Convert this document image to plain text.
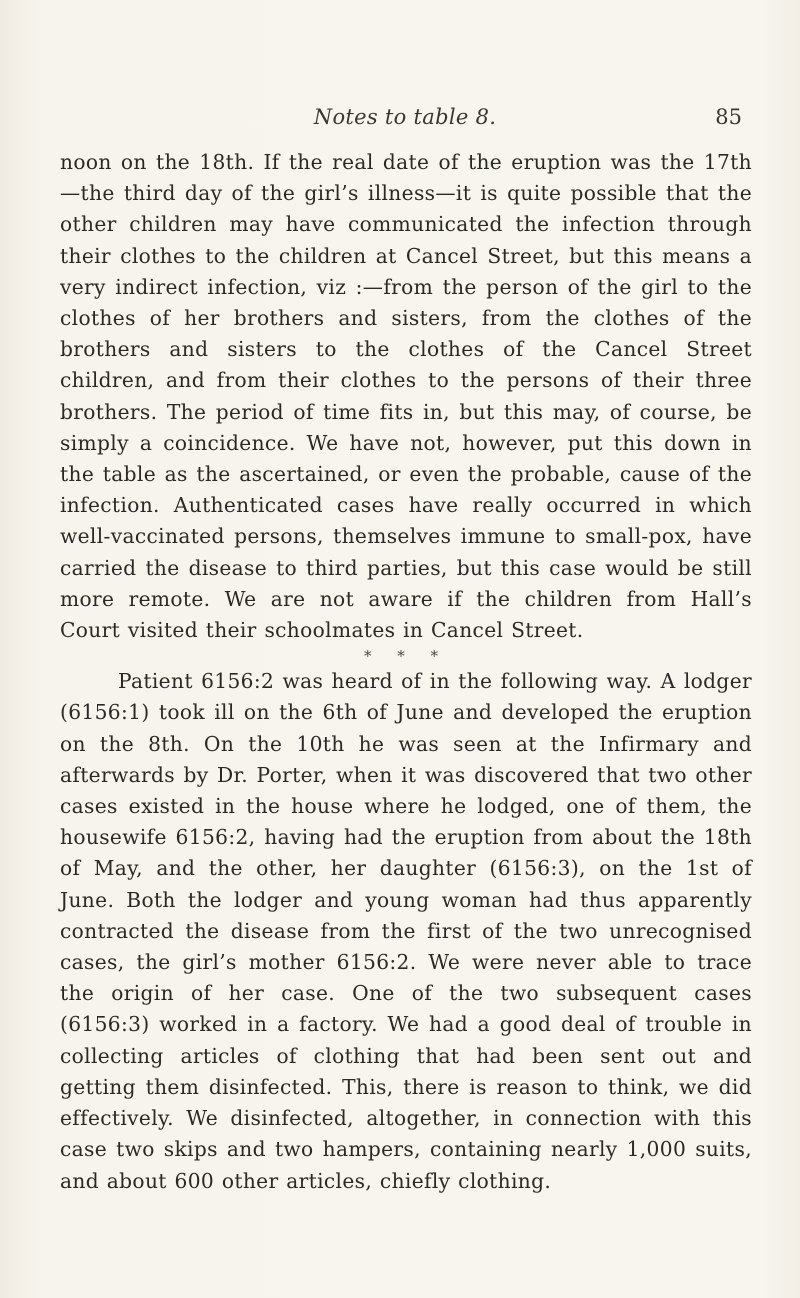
Notes to table 8.	85

noon on the 18th. If the real date of the eruption was the 17th—the third day of the girl’s illness—it is quite possible that the other children may have communicated the infection through their clothes to the children at Cancel Street, but this means a very indirect infection, viz :—from the person of the girl to the clothes of her brothers and sisters, from the clothes of the brothers and sisters to the clothes of the Cancel Street children, and from their clothes to the persons of their three brothers. The period of time fits in, but this may, of course, be simply a coincidence. We have not, however, put this down in the table as the ascertained, or even the probable, cause of the infection. Authenticated cases have really occurred in which well-vaccinated persons, themselves immune to small-pox, have carried the disease to third parties, but this case would be still more remote. We are not aware if the children from Hall’s Court visited their schoolmates in Cancel Street.

* * *

Patient 6156:2 was heard of in the following way. A lodger (6156:1) took ill on the 6th of June and developed the eruption on the 8th. On the 10th he was seen at the Infirmary and afterwards by Dr. Porter, when it was discovered that two other cases existed in the house where he lodged, one of them, the housewife 6156:2, having had the eruption from about the 18th of May, and the other, her daughter (6156:3), on the 1st of June. Both the lodger and young woman had thus apparently contracted the disease from the first of the two unrecognised cases, the girl’s mother 6156:2. We were never able to trace the origin of her case. One of the two subsequent cases (6156:3) worked in a factory. We had a good deal of trouble in collecting articles of clothing that had been sent out and getting them disinfected. This, there is reason to think, we did effectively. We disinfected, altogether, in connection with this case two skips and two hampers, containing nearly 1,000 suits, and about 600 other articles, chiefly clothing.
